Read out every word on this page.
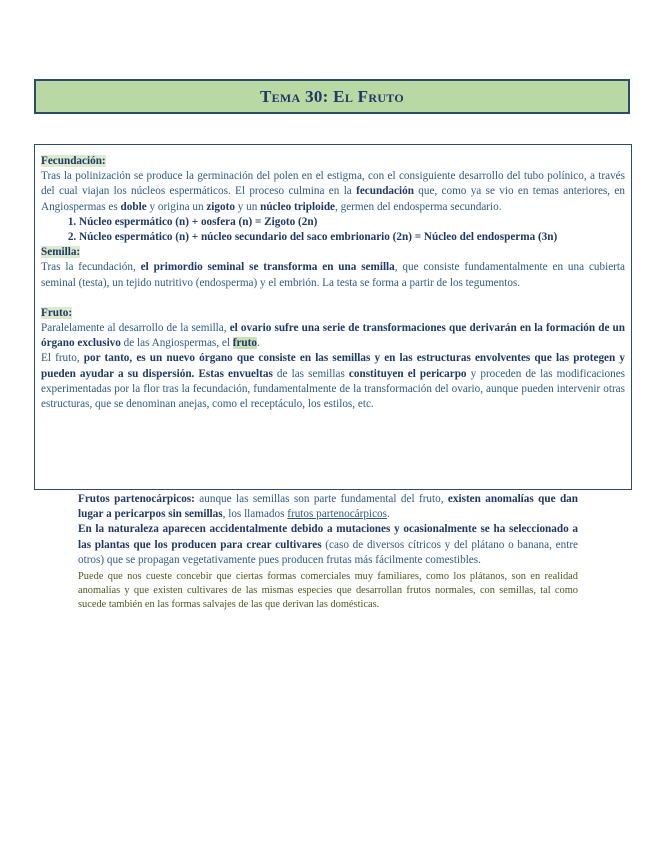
Tema 30: El Fruto

Fecundación:

Tras la polinización se produce la germinación del polen en el estigma, con el consiguiente desarrollo del tubo polínico, a través del cual viajan los núcleos espermáticos. El proceso culmina en la fecundación que, como ya se vio en temas anteriores, en Angiospermas es doble y origina un zigoto y un núcleo triploide, germen del endosperma secundario.

1. Núcleo espermático (n) + oosfera (n) = Zigoto (2n)
2. Núcleo espermático (n) + núcleo secundario del saco embrionario (2n) = Núcleo del endosperma (3n)

Semilla:

Tras la fecundación, el primordio seminal se transforma en una semilla, que consiste fundamentalmente en una cubierta seminal (testa), un tejido nutritivo (endosperma) y el embrión. La testa se forma a partir de los tegumentos.

Fruto:

Paralelamente al desarrollo de la semilla, el ovario sufre una serie de transformaciones que derivarán en la formación de un órgano exclusivo de las Angiospermas, el fruto.

El fruto, por tanto, es un nuevo órgano que consiste en las semillas y en las estructuras envolventes que las protegen y pueden ayudar a su dispersión. Estas envueltas de las semillas constituyen el pericarpo y proceden de las modificaciones experimentadas por la flor tras la fecundación, fundamentalmente de la transformación del ovario, aunque pueden intervenir otras estructuras, que se denominan anejas, como el receptáculo, los estilos, etc.

Frutos partenocárpicos: aunque las semillas son parte fundamental del fruto, existen anomalías que dan lugar a pericarpos sin semillas, los llamados frutos partenocárpicos.

En la naturaleza aparecen accidentalmente debido a mutaciones y ocasionalmente se ha seleccionado a las plantas que los producen para crear cultivares (caso de diversos cítricos y del plátano o banana, entre otros) que se propagan vegetativamente pues producen frutas más fácilmente comestibles.

Puede que nos cueste concebir que ciertas formas comerciales muy familiares, como los plátanos, son en realidad anomalías y que existen cultivares de las mismas especies que desarrollan frutos normales, con semillas, tal como sucede también en las formas salvajes de las que derivan las domésticas.
